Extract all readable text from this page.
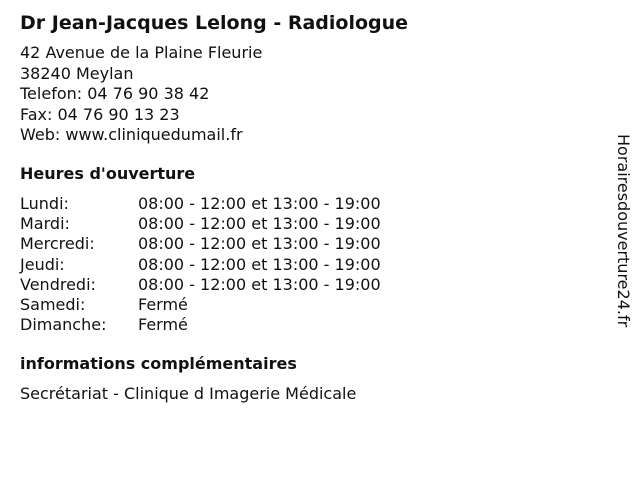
Dr Jean-Jacques Lelong - Radiologue
42 Avenue de la Plaine Fleurie
38240 Meylan
Telefon: 04 76 90 38 42
Fax: 04 76 90 13 23
Web: www.cliniquedumail.fr
Heures d'ouverture
Lundi:	08:00 - 12:00 et 13:00 - 19:00
Mardi:	08:00 - 12:00 et 13:00 - 19:00
Mercredi:	08:00 - 12:00 et 13:00 - 19:00
Jeudi:	08:00 - 12:00 et 13:00 - 19:00
Vendredi:	08:00 - 12:00 et 13:00 - 19:00
Samedi:	Fermé
Dimanche:	Fermé
informations complémentaires
Secrétariat - Clinique d Imagerie Médicale
Horairesdouverture24.fr
